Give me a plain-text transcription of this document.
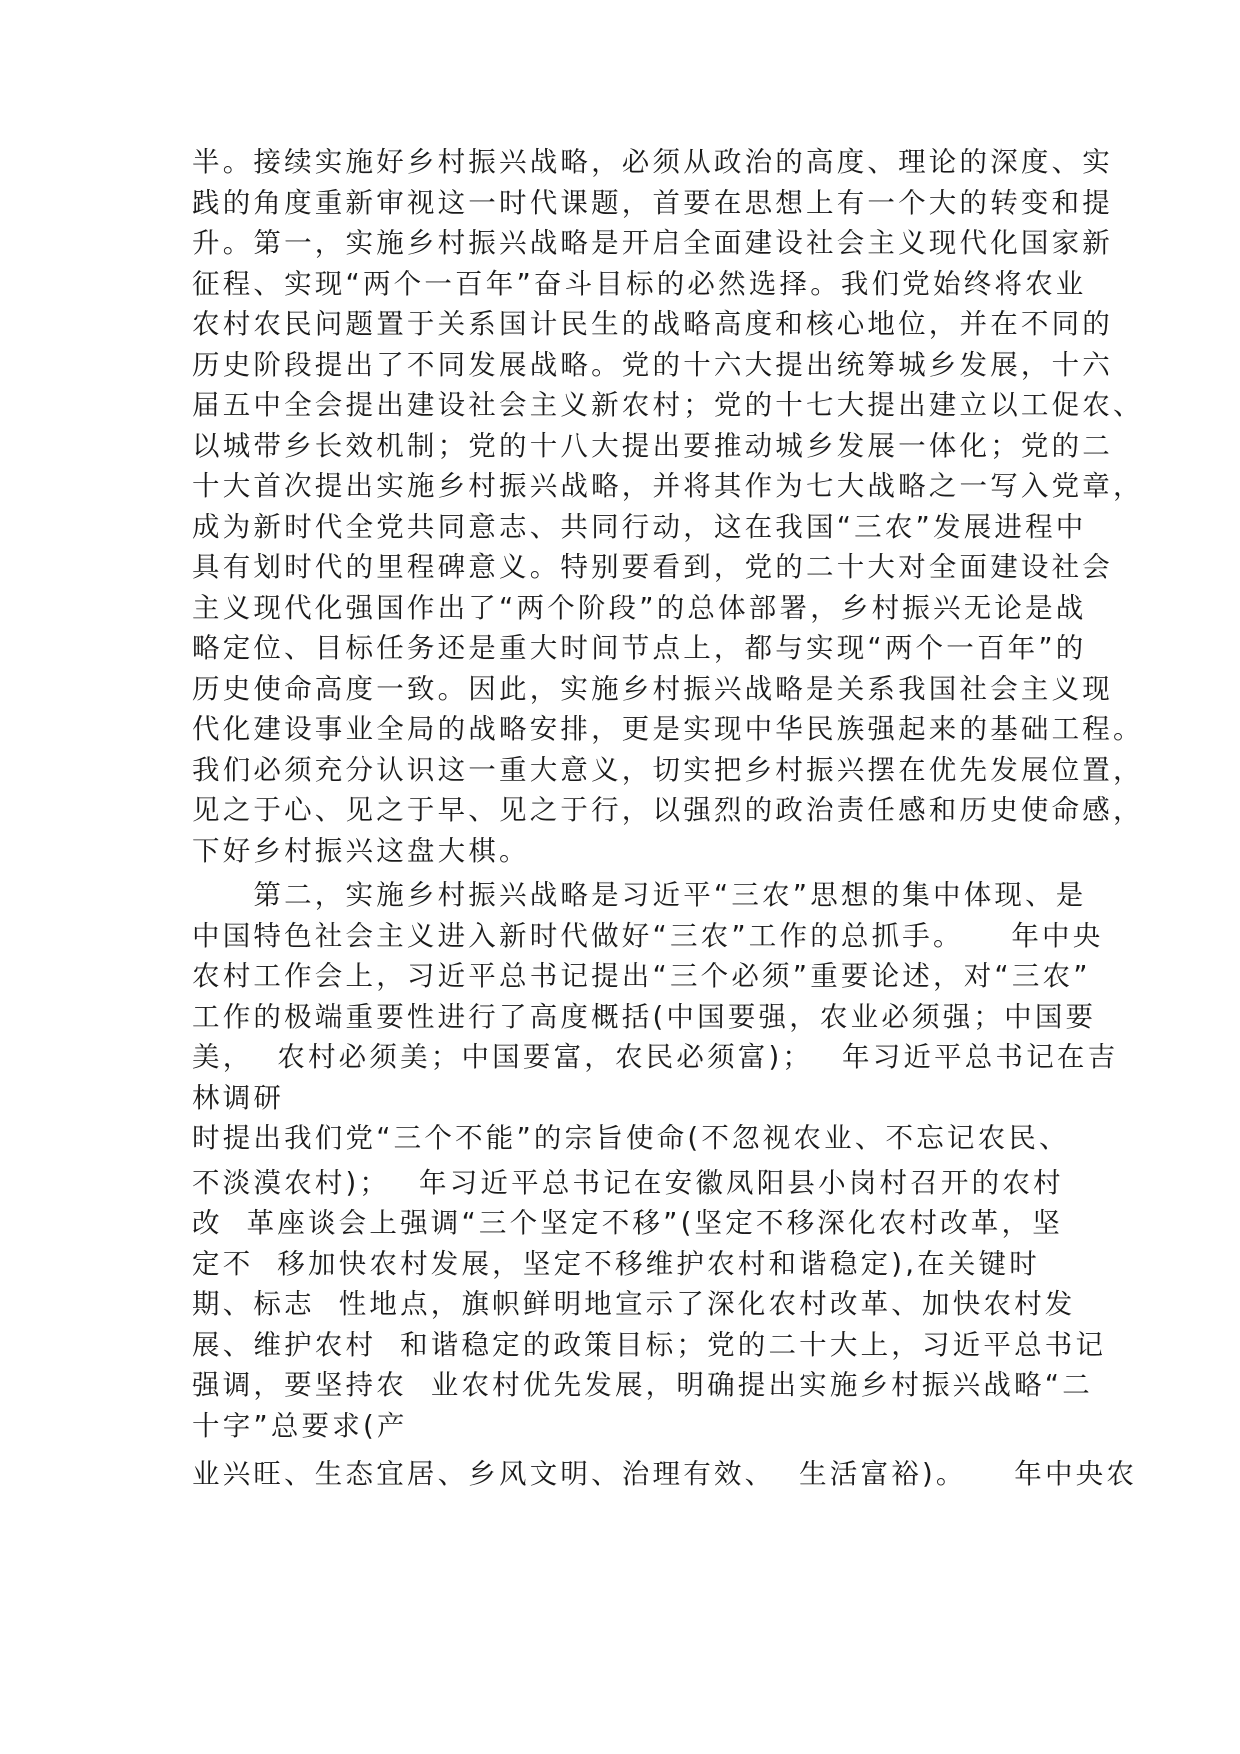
半。接续实施好乡村振兴战略，必须从政治的高度、理论的深度、实
践的角度重新审视这一时代课题，首要在思想上有一个大的转变和提
升。第一，实施乡村振兴战略是开启全面建设社会主义现代化国家新
征程、实现“两个一百年”奋斗目标的必然选择。我们党始终将农业
农村农民问题置于关系国计民生的战略高度和核心地位，并在不同的
历史阶段提出了不同发展战略。党的十六大提出统筹城乡发展，十六
届五中全会提出建设社会主义新农村；党的十七大提出建立以工促农、
以城带乡长效机制；党的十八大提出要推动城乡发展一体化；党的二
十大首次提出实施乡村振兴战略，并将其作为七大战略之一写入党章，
成为新时代全党共同意志、共同行动，这在我国“三农”发展进程中
具有划时代的里程碑意义。特别要看到，党的二十大对全面建设社会
主义现代化强国作出了“两个阶段”的总体部署，乡村振兴无论是战
略定位、目标任务还是重大时间节点上，都与实现“两个一百年”的
历史使命高度一致。因此，实施乡村振兴战略是关系我国社会主义现
代化建设事业全局的战略安排，更是实现中华民族强起来的基础工程。
我们必须充分认识这一重大意义，切实把乡村振兴摆在优先发展位置，
见之于心、见之于早、见之于行，以强烈的政治责任感和历史使命感，
下好乡村振兴这盘大棋。
　　第二，实施乡村振兴战略是习近平“三农”思想的集中体现、是
中国特色社会主义进入新时代做好“三农”工作的总抓手。　　年中央
农村工作会上，习近平总书记提出“三个必须”重要论述，对“三农”
工作的极端重要性进行了高度概括(中国要强，农业必须强；中国要
美，  农村必须美；中国要富，农民必须富)；　 年习近平总书记在吉
林调研
时提出我们党“三个不能”的宗旨使命(不忽视农业、不忘记农民、
不淡漠农村)；　 年习近平总书记在安徽凤阳县小岗村召开的农村
改  革座谈会上强调“三个坚定不移”(坚定不移深化农村改革，坚
定不  移加快农村发展，坚定不移维护农村和谐稳定),在关键时
期、标志  性地点，旗帜鲜明地宣示了深化农村改革、加快农村发
展、维护农村  和谐稳定的政策目标；党的二十大上，习近平总书记
强调，要坚持农  业农村优先发展，明确提出实施乡村振兴战略“二
十字”总要求(产
业兴旺、生态宜居、乡风文明、治理有效、  生活富裕)。　　年中央农
